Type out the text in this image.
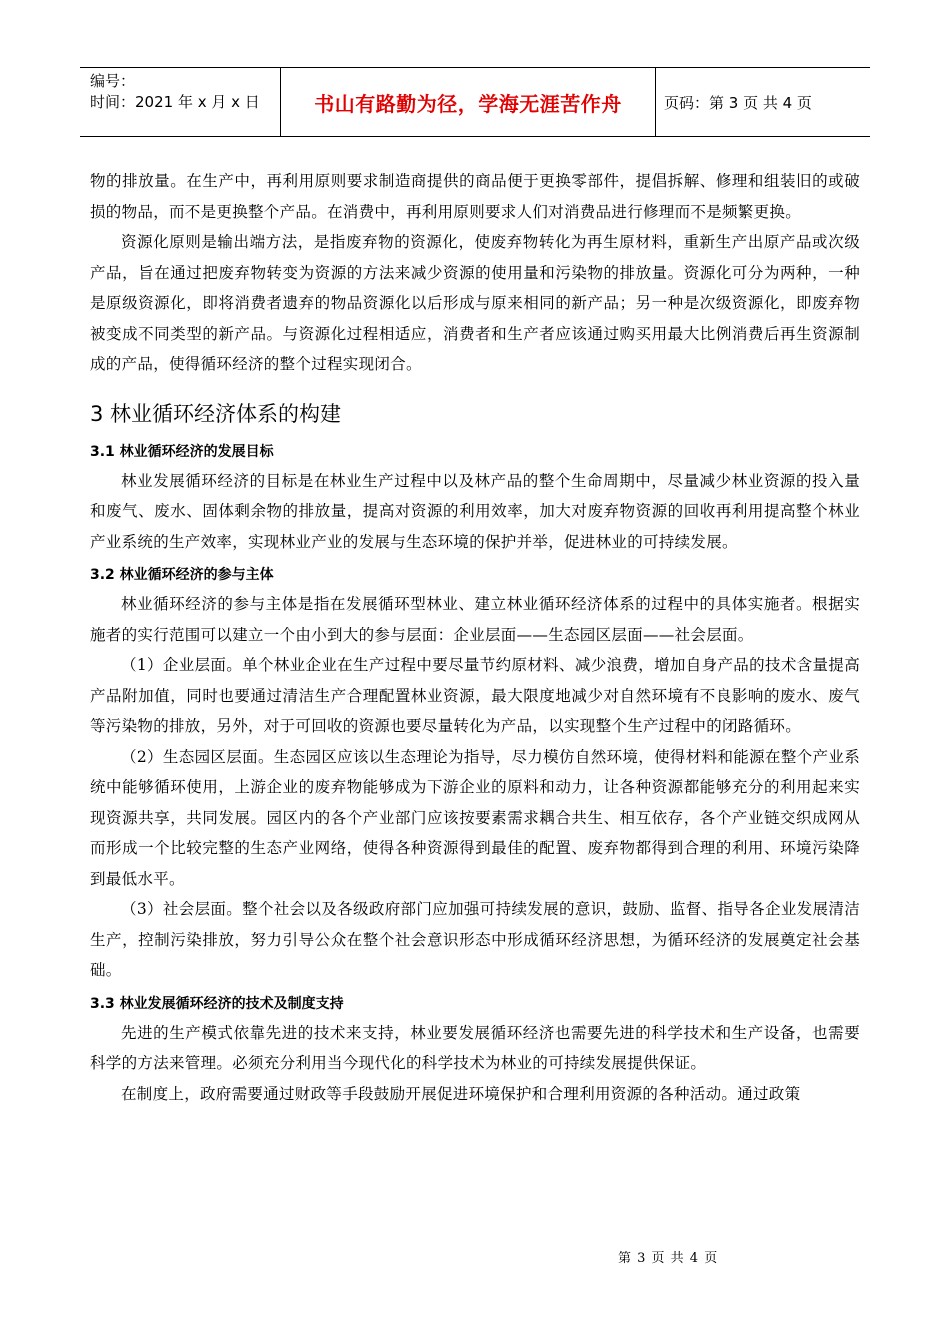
编号：
时间：2021 年 x 月 x 日	书山有路勤为径，学海无涯苦作舟	页码：第 3 页 共 4 页

物的排放量。在生产中，再利用原则要求制造商提供的商品便于更换零部件，提倡拆解、修理和组装旧的或破损的物品，而不是更换整个产品。在消费中，再利用原则要求人们对消费品进行修理而不是频繁更换。

资源化原则是输出端方法，是指废弃物的资源化，使废弃物转化为再生原材料，重新生产出原产品或次级产品，旨在通过把废弃物转变为资源的方法来减少资源的使用量和污染物的排放量。资源化可分为两种，一种是原级资源化，即将消费者遗弃的物品资源化以后形成与原来相同的新产品；另一种是次级资源化，即废弃物被变成不同类型的新产品。与资源化过程相适应，消费者和生产者应该通过购买用最大比例消费后再生资源制成的产品，使得循环经济的整个过程实现闭合。

3 林业循环经济体系的构建
3.1 林业循环经济的发展目标

林业发展循环经济的目标是在林业生产过程中以及林产品的整个生命周期中，尽量减少林业资源的投入量和废气、废水、固体剩余物的排放量，提高对资源的利用效率，加大对废弃物资源的回收再利用提高整个林业产业系统的生产效率，实现林业产业的发展与生态环境的保护并举，促进林业的可持续发展。

3.2 林业循环经济的参与主体

林业循环经济的参与主体是指在发展循环型林业、建立林业循环经济体系的过程中的具体实施者。根据实施者的实行范围可以建立一个由小到大的参与层面：企业层面——生态园区层面——社会层面。

（1）企业层面。单个林业企业在生产过程中要尽量节约原材料、减少浪费，增加自身产品的技术含量提高产品附加值，同时也要通过清洁生产合理配置林业资源，最大限度地减少对自然环境有不良影响的废水、废气等污染物的排放，另外，对于可回收的资源也要尽量转化为产品，以实现整个生产过程中的闭路循环。

（2）生态园区层面。生态园区应该以生态理论为指导，尽力模仿自然环境，使得材料和能源在整个产业系统中能够循环使用，上游企业的废弃物能够成为下游企业的原料和动力，让各种资源都能够充分的利用起来实现资源共享，共同发展。园区内的各个产业部门应该按要素需求耦合共生、相互依存，各个产业链交织成网从而形成一个比较完整的生态产业网络，使得各种资源得到最佳的配置、废弃物都得到合理的利用、环境污染降到最低水平。

（3）社会层面。整个社会以及各级政府部门应加强可持续发展的意识，鼓励、监督、指导各企业发展清洁生产，控制污染排放，努力引导公众在整个社会意识形态中形成循环经济思想，为循环经济的发展奠定社会基础。

3.3 林业发展循环经济的技术及制度支持

先进的生产模式依靠先进的技术来支持，林业要发展循环经济也需要先进的科学技术和生产设备，也需要科学的方法来管理。必须充分利用当今现代化的科学技术为林业的可持续发展提供保证。

在制度上，政府需要通过财政等手段鼓励开展促进环境保护和合理利用资源的各种活动。通过政策

第 3 页 共 4 页
